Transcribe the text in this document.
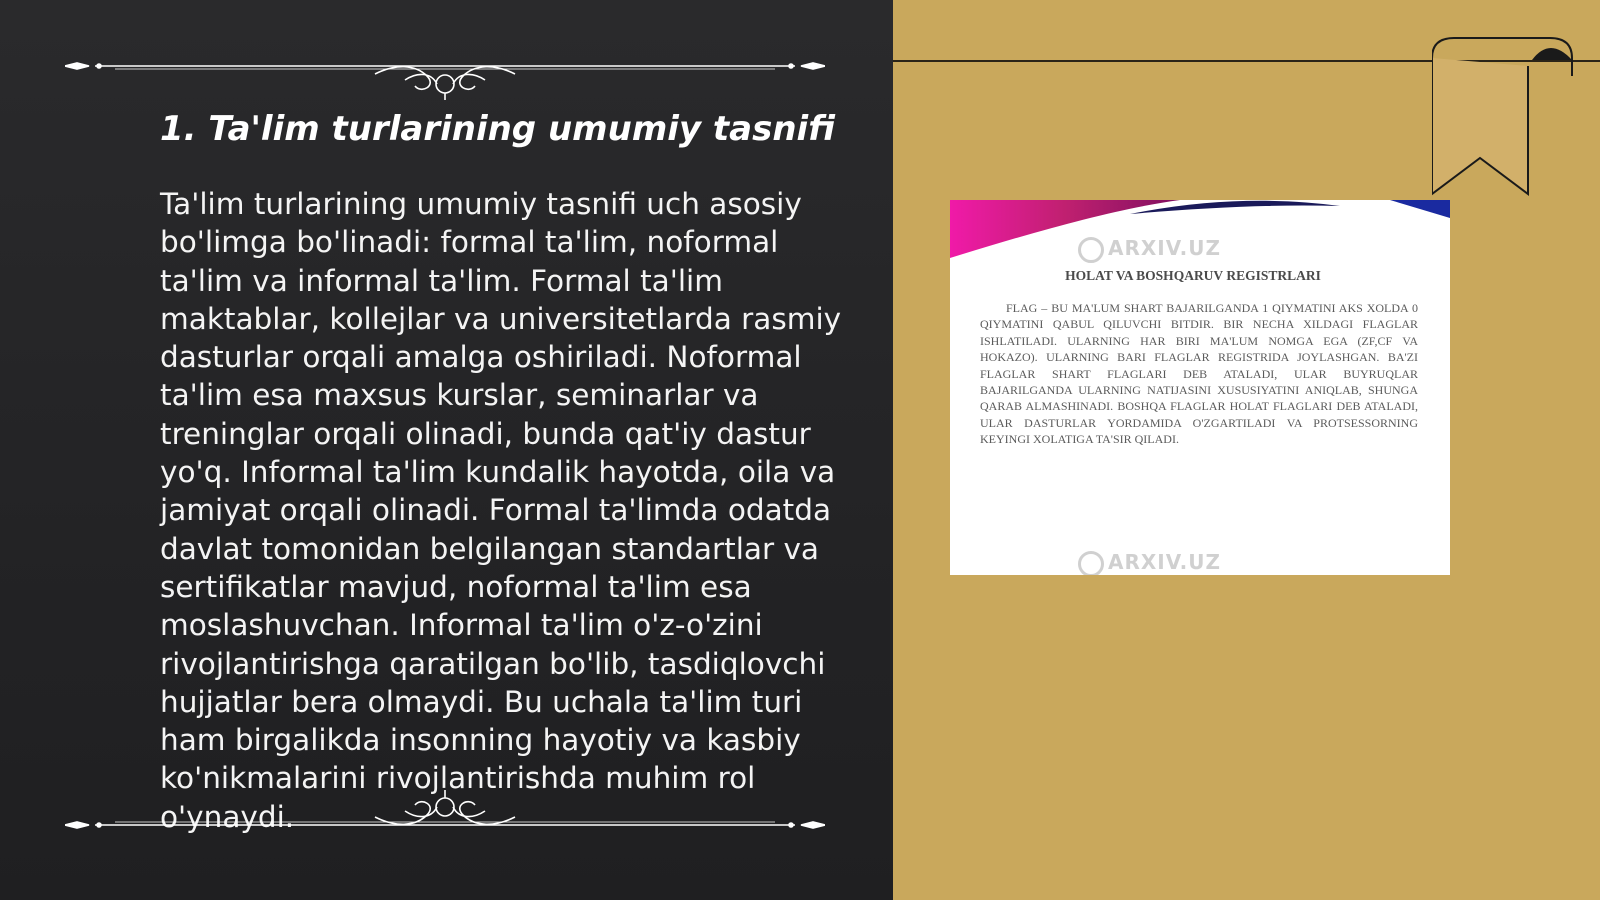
1. Ta'lim turlarining umumiy tasnifi

Ta'lim turlarining umumiy tasnifi uch asosiy bo'limga bo'linadi: formal ta'lim, noformal ta'lim va informal ta'lim. Formal ta'lim maktablar, kollejlar va universitetlarda rasmiy dasturlar orqali amalga oshiriladi. Noformal ta'lim esa maxsus kurslar, seminarlar va treninglar orqali olinadi, bunda qat'iy dastur yo'q. Informal ta'lim kundalik hayotda, oila va jamiyat orqali olinadi. Formal ta'limda odatda davlat tomonidan belgilangan standartlar va sertifikatlar mavjud, noformal ta'lim esa moslashuvchan. Informal ta'lim o'z-o'zini rivojlantirishga qaratilgan bo'lib, tasdiqlovchi hujjatlar bera olmaydi. Bu uchala ta'lim turi ham birgalikda insonning hayotiy va kasbiy ko'nikmalarini rivojlantirishda muhim rol o'ynaydi.

ARXIV.UZ

HOLAT VA BOSHQARUV REGISTRLARI

FLAG – BU MA'LUM SHART BAJARILGANDA 1 QIYMATINI AKS XOLDA 0 QIYMATINI QABUL QILUVCHI BITDIR. BIR NECHA XILDAGI FLAGLAR ISHLATILADI. ULARNING HAR BIRI MA'LUM NOMGA EGA (ZF,CF VA HOKAZO). ULARNING BARI FLAGLAR REGISTRIDA JOYLASHGAN. BA'ZI FLAGLAR SHART FLAGLARI DEB ATALADI, ULAR BUYRUQLAR BAJARILGANDA ULARNING NATIJASINI XUSUSIYATINI ANIQLAB, SHUNGA QARAB ALMASHINADI. BOSHQA FLAGLAR HOLAT FLAGLARI DEB ATALADI, ULAR DASTURLAR YORDAMIDA O'ZGARTILADI VA PROTSESSORNING KEYINGI XOLATIGA TA'SIR QILADI.

ARXIV.UZ
